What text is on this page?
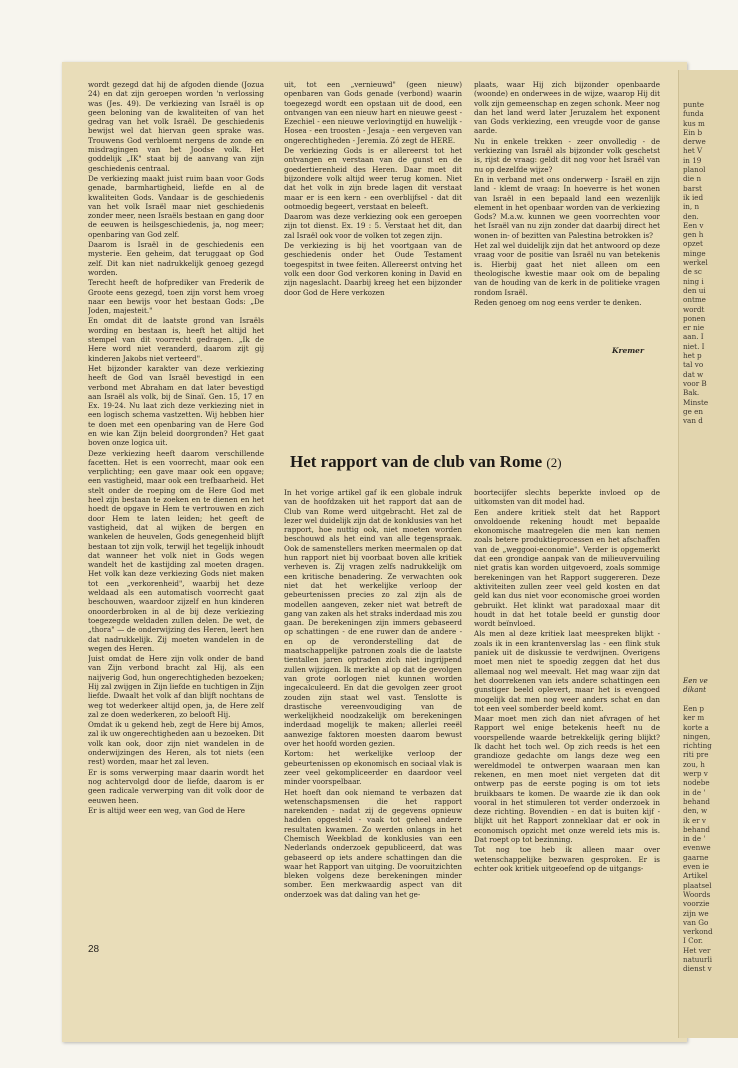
punte
funda
kus m
Ein b
derwe
het V
in 19
planol
die n
barst
ik ied
in, n
den.
Een v
gen h
opzet
minge
werkel
de sc
ning i
den ui
ontme
wordt
ponen
er nie
aan. I
niet. I
het p
tal vo
dat w
voor B
Bak.
Minste
ge en
van d
Een ve
dikant
Een p
ker m
korte a
ningen,
richting
riti pre
zou, h
werp v
nodebe
in de '
behand
den, w
ik er v
behand
in de '
evenwe
gaarne
even ie
Artikel
plaatsel
Woords
voorzie
zijn we
van Go
verkond
I Cor.
Het ver
natuurli
dienst v

wordt gezegd dat hij de afgoden diende (Jozua 24) en dat zijn geroepen worden 'n verlossing was (Jes. 49). De verkiezing van Israël is op geen beloning van de kwaliteiten of van het gedrag van het volk Israël. De geschiedenis bewijst wel dat hiervan geen sprake was. Trouwens God verbloemt nergens de zonde en misdragingen van het Joodse volk. Het goddelijk „IK" staat bij de aanvang van zijn geschiedenis centraal.

De verkiezing maakt juist ruim baan voor Gods genade, barmhartigheid, liefde en al de kwaliteiten Gods. Vandaar is de geschiedenis van het volk Israël maar niet geschiedenis zonder meer, neen Israëls bestaan en gang door de eeuwen is heilsgeschiedenis, ja, nog meer; openbaring van God zelf.

Daarom is Israël in de geschiedenis een mysterie. Een geheim, dat teruggaat op God zelf. Dit kan niet nadrukkelijk genoeg gezegd worden.

Terecht heeft de hofprediker van Frederik de Groote eens gezegd, toen zijn vorst hem vroeg naar een bewijs voor het bestaan Gods: „De Joden, majesteit."

En omdat dit de laatste grond van Israëls wording en bestaan is, heeft het altijd het stempel van dit voorrecht gedragen. „Ik de Here word niet veranderd, daarom zijt gij kinderen Jakobs niet verteerd".

Het bijzonder karakter van deze verkiezing heeft de God van Israël bevestigd in een verbond met Abraham en dat later bevestigd aan Israël als volk, bij de Sinaï. Gen. 15, 17 en Ex. 19-24. Nu laat zich deze verkiezing niet in een logisch schema vastzetten. Wij hebben hier te doen met een openbaring van de Here God en wie kan Zijn beleid doorgronden? Het gaat boven onze logica uit.

Deze verkiezing heeft daarom verschillende facetten. Het is een voorrecht, maar ook een verplichting; een gave maar ook een opgave; een vastigheid, maar ook een trefbaarheid. Het stelt onder de roeping om de Here God met heel zijn bestaan te zoeken en te dienen en het hoedt de opgave in Hem te vertrouwen en zich door Hem te laten leiden; het geeft de vastigheid, dat al wijken de bergen en wankelen de heuvelen, Gods genegenheid blijft bestaan tot zijn volk, terwijl het tegelijk inhoudt dat wanneer het volk niet in Gods wegen wandelt het de kastijding zal moeten dragen. Het volk kan deze verkiezing Gods niet maken tot een „verkorenheid", waarbij het deze weldaad als een automatisch voorrecht gaat beschouwen, waardoor zijzelf en hun kinderen onoorderbroken in al de bij deze verkiezing toegezegde weldaden zullen delen. De wet, de „thora" — de onderwijzing des Heren, leert hen dat nadrukkelijk. Zij moeten wandelen in de wegen des Heren.

Juist omdat de Here zijn volk onder de band van Zijn verbond bracht zal Hij, als een naijverig God, hun ongerechtigheden bezoeken; Hij zal zwijgen in Zijn liefde en tuchtigen in Zijn liefde. Dwaalt het volk af dan blijft nochtans de weg tot wederkeer altijd open, ja, de Here zelf zal ze doen wederkeren, zo belooft Hij.

Omdat ik u gekend heb, zegt de Here bij Amos, zal ik uw ongerechtigheden aan u bezoeken. Dit volk kan ook, door zijn niet wandelen in de onderwijzingen des Heren, als tot niets (een rest) worden, maar het zal leven.

Er is soms verwerping maar daarin wordt het nog achtervolgd door de liefde, daarom is er geen radicale verwerping van dit volk door de eeuwen heen.

Er is altijd weer een weg, van God de Here

uit, tot een „vernieuwd" (geen nieuw) openbaren van Gods genade (verbond) waarin toegezegd wordt een opstaan uit de dood, een ontvangen van een nieuw hart en nieuwe geest - Ezechiel - een nieuwe verlovingtijd en huwelijk - Hosea - een troosten - Jesaja - een vergeven van ongerechtigheden - Jeremia. Zó zegt de HERE.

De verkiezing Gods is er allereerst tot het ontvangen en verstaan van de gunst en de goedertierenheid des Heren. Daar moet dit bijzondere volk altijd weer terug komen. Niet dat het volk in zijn brede lagen dit verstaat maar er is een kern - een overblijfsel - dat dit ootmoedig begeert, verstaat en beleeft.

Daarom was deze verkiezing ook een geroepen zijn tot dienst. Ex. 19 : 5. Verstaat het dit, dan zal Israël ook voor de volken tot zegen zijn.

De verkiezing is bij het voortgaan van de geschiedenis onder het Oude Testament toegespitst in twee feiten. Allereerst ontving het volk een door God verkoren koning in David en zijn nageslacht. Daarbij kreeg het een bijzonder door God de Here verkozen

plaats, waar Hij zich bijzonder openbaarde (woonde) en onderwees in de wijze, waarop Hij dit volk zijn gemeenschap en zegen schonk. Meer nog dan het land werd later Jeruzalem het exponent van Gods verkiezing, een vreugde voor de ganse aarde.

Nu in enkele trekken - zeer onvolledig - de verkiezing van Israël als bijzonder volk geschetst is, rijst de vraag: geldt dit nog voor het Israël van nu op dezelfde wijze?

En in verband met ons onderwerp - Israël en zijn land - klemt de vraag: In hoeverre is het wonen van Israël in een bepaald land een wezenlijk element in het openbaar worden van de verkiezing Gods? M.a.w. kunnen we geen voorrechten voor het Israël van nu zijn zonder dat daarbij direct het wonen in- of bezitten van Palestina betrokken is?

Het zal wel duidelijk zijn dat het antwoord op deze vraag voor de positie van Israël nu van betekenis is. Hierbij gaat het niet alleen om een theologische kwestie maar ook om de bepaling van de houding van de kerk in de politieke vragen rondom Israël.

Reden genoeg om nog eens verder te denken.

Kremer
Het rapport van de club van Rome (2)

In het vorige artikel gaf ik een globale indruk van de hoofdzaken uit het rapport dat aan de Club van Rome werd uitgebracht. Het zal de lezer wel duidelijk zijn dat de konklusies van het rapport, hoe nuttig ook, niet moeten worden beschouwd als het eind van alle tegenspraak. Ook de samenstellers merken meermalen op dat hun rapport niet bij voorbaat boven alle kritiek verheven is. Zij vragen zelfs nadrukkelijk om een kritische benadering. Ze verwachten ook niet dat het werkelijke verloop der gebeurtenissen precies zo zal zijn als de modellen aangeven, zeker niet wat betreft de gang van zaken als het straks inderdaad mis zou gaan. De berekeningen zijn immers gebaseerd op schattingen - de ene ruwer dan de andere - en op de veronderstelling dat de maatschappelijke patronen zoals die de laatste tientallen jaren optraden zich niet ingrijpend zullen wijzigen. Ik merkte al op dat de gevolgen van grote oorlogen niet kunnen worden ingecalculeerd. En dat die gevolgen zeer groot zouden zijn staat wel vast. Tenslotte is drastische vereenvoudiging van de werkelijkheid noodzakelijk om berekeningen inderdaad mogelijk te maken; allerlei reeël aanwezige faktoren moesten daarom bewust over het hoofd worden gezien.

Kortom: het werkelijke verloop der gebeurtenissen op ekonomisch en sociaal vlak is zeer veel gekompliceerder en daardoor veel minder voorspelbaar.

Het hoeft dan ook niemand te verbazen dat wetenschapsmensen die het rapport narekenden - nadat zij de gegevens opnieuw hadden opgesteld - vaak tot geheel andere resultaten kwamen. Zo werden onlangs in het Chemisch Weekblad de konklusies van een Nederlands onderzoek gepubliceerd, dat was gebaseerd op iets andere schattingen dan die waar het Rapport van uitging. De vooruitzichten bleken volgens deze berekeningen minder somber. Een merkwaardig aspect van dit onderzoek was dat daling van het ge-

boortecijfer slechts beperkte invloed op de uitkomsten van dit model had.

Een andere kritiek stelt dat het Rapport onvoldoende rekening houdt met bepaalde ekonomische maatregelen die men kan nemen zoals betere produktieprocessen en het afschaffen van de „weggooi-economie". Verder is opgemerkt dat een grondige aanpak van de milieuvervuiling niet gratis kan worden uitgevoerd, zoals sommige berekeningen van het Rapport suggereren. Deze aktiviteiten zullen zeer veel geld kosten en dat geld kan dus niet voor economische groei worden gebruikt. Het klinkt wat paradoxaal maar dit houdt in dat het totale beeld er gunstig door wordt beïnvloed.

Als men al deze kritiek laat meespreken blijkt - zoals ik in een krantenverslag las - een flink stuk paniek uit de diskussie te verdwijnen. Overigens moet men niet te spoedig zeggen dat het dus allemaal nog wel meevalt. Het mag waar zijn dat het doorrekenen van iets andere schattingen een gunstiger beeld oplevert, maar het is evengoed mogelijk dat men nog weer anders schat en dan tot een veel somberder beeld komt.

Maar moet men zich dan niet afvragen of het Rapport wel enige betekenis heeft nu de voorspellende waarde betrekkelijk gering blijkt? Ik dacht het toch wel. Op zich reeds is het een grandioze gedachte om langs deze weg een wereldmodel te ontwerpen waaraan men kan rekenen, en men moet niet vergeten dat dit ontwerp pas de eerste poging is om tot iets bruikbaars te komen. De waarde zie ik dan ook vooral in het stimuleren tot verder onderzoek in deze richting. Bovendien - en dat is buiten kijf - blijkt uit het Rapport zonneklaar dat er ook in economisch opzicht met onze wereld iets mis is. Dat roept op tot bezinning.

Tot nog toe heb ik alleen maar over wetenschappelijke bezwaren gesproken. Er is echter ook kritiek uitgeoefend op de uitgangs-

28
